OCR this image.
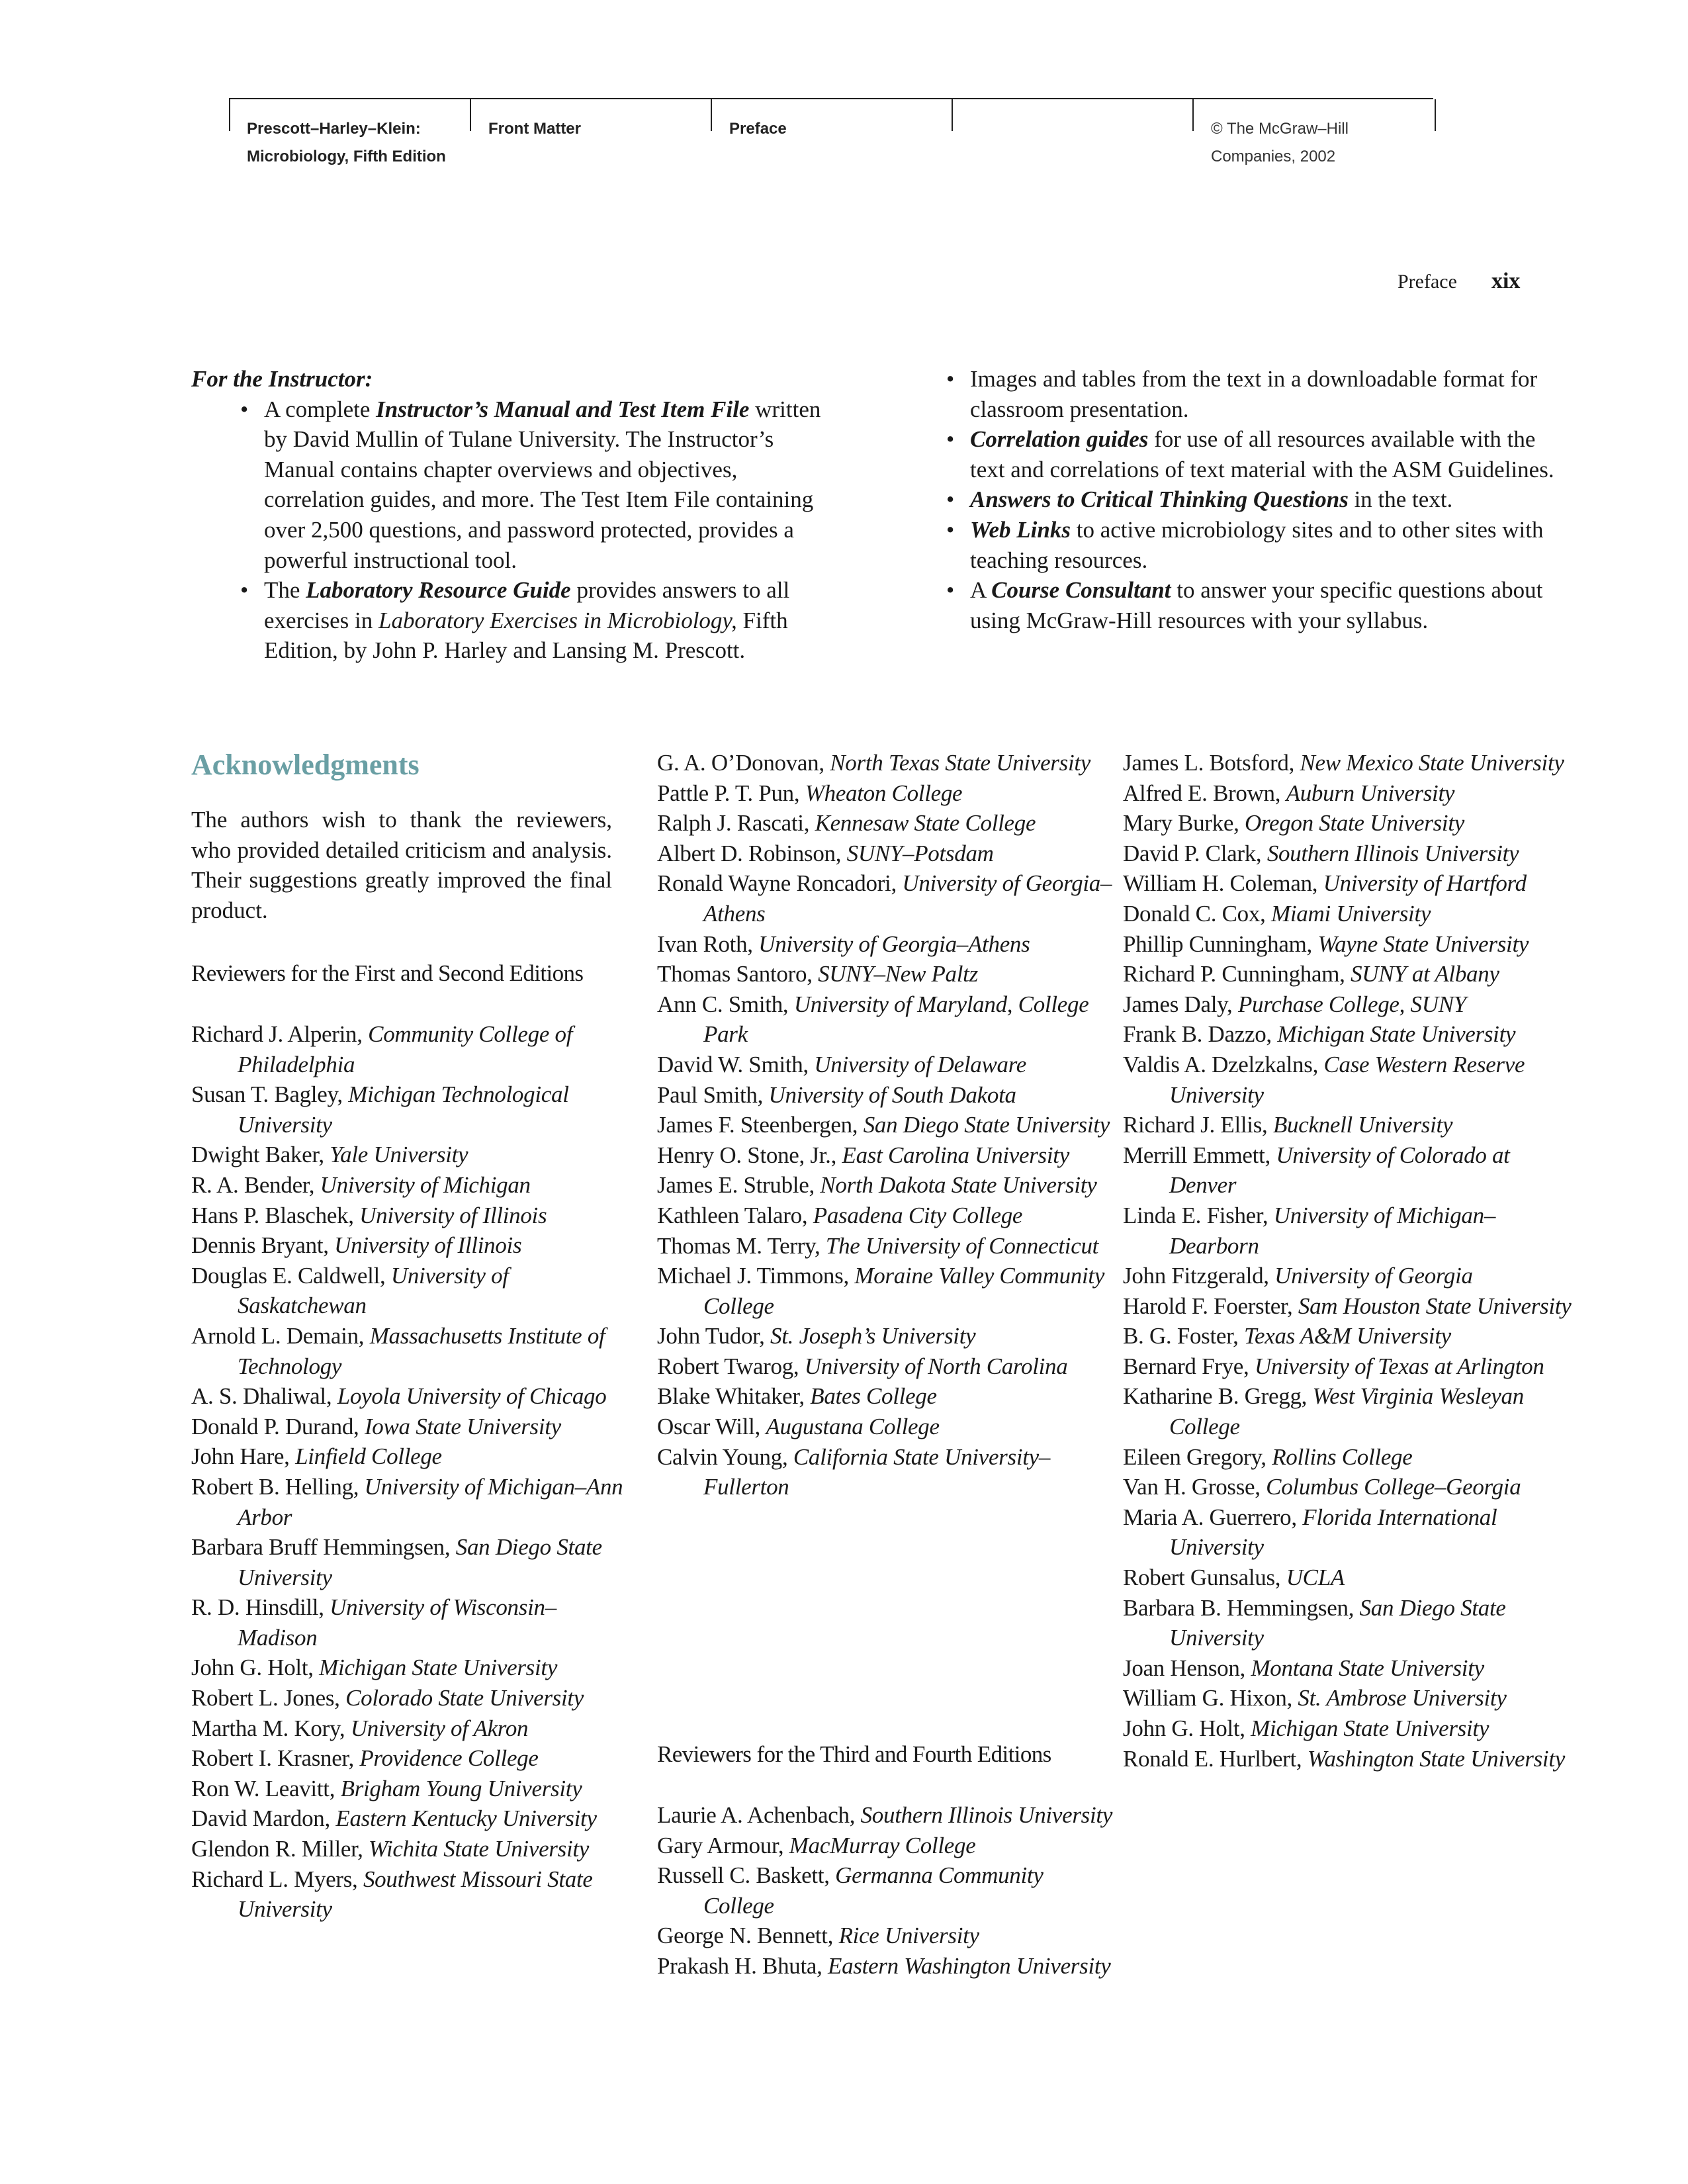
Prescott–Harley–Klein:
Microbiology, Fifth Edition
Front Matter	Preface	© The McGraw–Hill
Companies, 2002
Preface xix

For the Instructor:

• A complete Instructor’s Manual and Test Item File written by David Mullin of Tulane University. The Instructor’s Manual contains chapter overviews and objectives, correlation guides, and more. The Test Item File containing over 2,500 questions, and password protected, provides a powerful instructional tool.
• The Laboratory Resource Guide provides answers to all exercises in Laboratory Exercises in Microbiology, Fifth Edition, by John P. Harley and Lansing M. Prescott.
• Images and tables from the text in a downloadable format for classroom presentation.
• Correlation guides for use of all resources available with the text and correlations of text material with the ASM Guidelines.
• Answers to Critical Thinking Questions in the text.
• Web Links to active microbiology sites and to other sites with teaching resources.
• A Course Consultant to answer your specific questions about using McGraw-Hill resources with your syllabus.
Acknowledgments

The authors wish to thank the reviewers, who provided detailed criticism and analysis. Their suggestions greatly improved the final product.

Reviewers for the First and Second Editions

Richard J. Alperin, Community College of Philadelphia

Susan T. Bagley, Michigan Technological University

Dwight Baker, Yale University

R. A. Bender, University of Michigan

Hans P. Blaschek, University of Illinois

Dennis Bryant, University of Illinois

Douglas E. Caldwell, University of Saskatchewan

Arnold L. Demain, Massachusetts Institute of Technology

A. S. Dhaliwal, Loyola University of Chicago

Donald P. Durand, Iowa State University

John Hare, Linfield College

Robert B. Helling, University of Michigan–Ann Arbor

Barbara Bruff Hemmingsen, San Diego State University

R. D. Hinsdill, University of Wisconsin–Madison

John G. Holt, Michigan State University

Robert L. Jones, Colorado State University

Martha M. Kory, University of Akron

Robert I. Krasner, Providence College

Ron W. Leavitt, Brigham Young University

David Mardon, Eastern Kentucky University

Glendon R. Miller, Wichita State University

Richard L. Myers, Southwest Missouri State University

G. A. O’Donovan, North Texas State University

Pattle P. T. Pun, Wheaton College

Ralph J. Rascati, Kennesaw State College

Albert D. Robinson, SUNY–Potsdam

Ronald Wayne Roncadori, University of Georgia–Athens

Ivan Roth, University of Georgia–Athens

Thomas Santoro, SUNY–New Paltz

Ann C. Smith, University of Maryland, College Park

David W. Smith, University of Delaware

Paul Smith, University of South Dakota

James F. Steenbergen, San Diego State University

Henry O. Stone, Jr., East Carolina University

James E. Struble, North Dakota State University

Kathleen Talaro, Pasadena City College

Thomas M. Terry, The University of Connecticut

Michael J. Timmons, Moraine Valley Community College

John Tudor, St. Joseph’s University

Robert Twarog, University of North Carolina

Blake Whitaker, Bates College

Oscar Will, Augustana College

Calvin Young, California State University–Fullerton

Reviewers for the Third and Fourth Editions

Laurie A. Achenbach, Southern Illinois University

Gary Armour, MacMurray College

Russell C. Baskett, Germanna Community College

George N. Bennett, Rice University

Prakash H. Bhuta, Eastern Washington University

James L. Botsford, New Mexico State University

Alfred E. Brown, Auburn University

Mary Burke, Oregon State University

David P. Clark, Southern Illinois University

William H. Coleman, University of Hartford

Donald C. Cox, Miami University

Phillip Cunningham, Wayne State University

Richard P. Cunningham, SUNY at Albany

James Daly, Purchase College, SUNY

Frank B. Dazzo, Michigan State University

Valdis A. Dzelzkalns, Case Western Reserve University

Richard J. Ellis, Bucknell University

Merrill Emmett, University of Colorado at Denver

Linda E. Fisher, University of Michigan–Dearborn

John Fitzgerald, University of Georgia

Harold F. Foerster, Sam Houston State University

B. G. Foster, Texas A&M University

Bernard Frye, University of Texas at Arlington

Katharine B. Gregg, West Virginia Wesleyan College

Eileen Gregory, Rollins College

Van H. Grosse, Columbus College–Georgia

Maria A. Guerrero, Florida International University

Robert Gunsalus, UCLA

Barbara B. Hemmingsen, San Diego State University

Joan Henson, Montana State University

William G. Hixon, St. Ambrose University

John G. Holt, Michigan State University

Ronald E. Hurlbert, Washington State University
